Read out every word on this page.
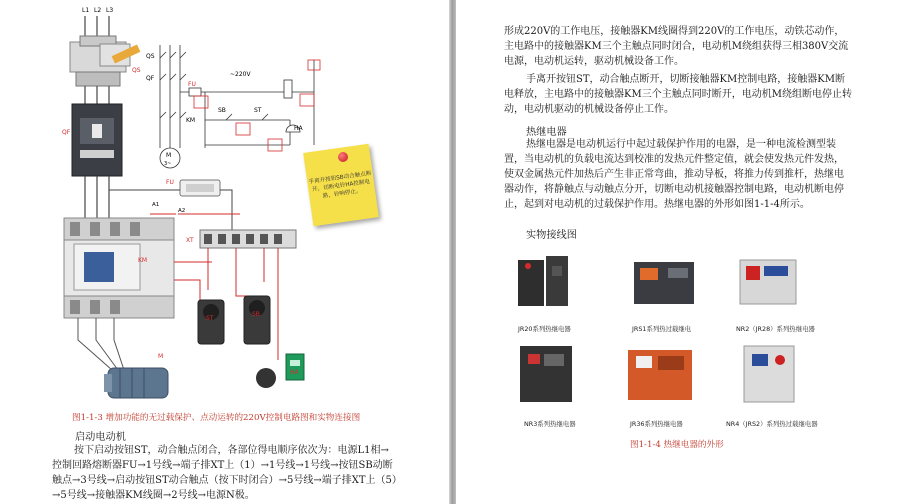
L1 L2 L3
QS
QF
QS
QF
FU
SB	ST
KM
HA
~220V
M
3~
FU
KM
A1
A2
XT
ST
SB
M
HA
手离开按钮SB动合触点断开，切断电铃HA控制电路，铃响停止。
图1-1-3 增加功能的无过载保护、点动运转的220V控制电路图和实物连接图
启动电动机

按下启动按钮ST，动合触点闭合，各部位得电顺序依次为：电源L1相→控制回路熔断器FU→1号线→端子排XT上（1）→1号线→1号线→按钮SB动断触点→3号线→启动按钮ST动合触点（按下时闭合）→5号线→端子排XT上（5）→5号线→接触器KM线圈→2号线→电源N极。

形成220V的工作电压，接触器KM线圈得到220V的工作电压，动铁芯动作，主电路中的接触器KM三个主触点同时闭合，电动机M绕组获得三相380V交流电源，电动机运转，驱动机械设备工作。

手离开按钮ST，动合触点断开，切断接触器KM控制电路，接触器KM断电释放，主电路中的接触器KM三个主触点同时断开，电动机M绕组断电停止转动，电动机驱动的机械设备停止工作。

热继电器

热继电器是电动机运行中起过载保护作用的电器，是一种电流检测型装置，当电动机的负载电流达到校准的发热元件整定值，就会使发热元件发热，使双金属热元件加热后产生非正常弯曲，推动导板，将推力传到推杆，热继电器动作，将静触点与动触点分开，切断电动机接触器控制电路，电动机断电停止，起到对电动机的过载保护作用。热继电器的外形如图1-1-4所示。

实物接线图
JR20系列热继电器	JRS1系列热过载继电	NR2（JR28）系列热继电器
NR3系列热继电器	JR36系列热继电器	NR4（JRS2）系列热过载继电器
图1-1-4 热继电器的外形
